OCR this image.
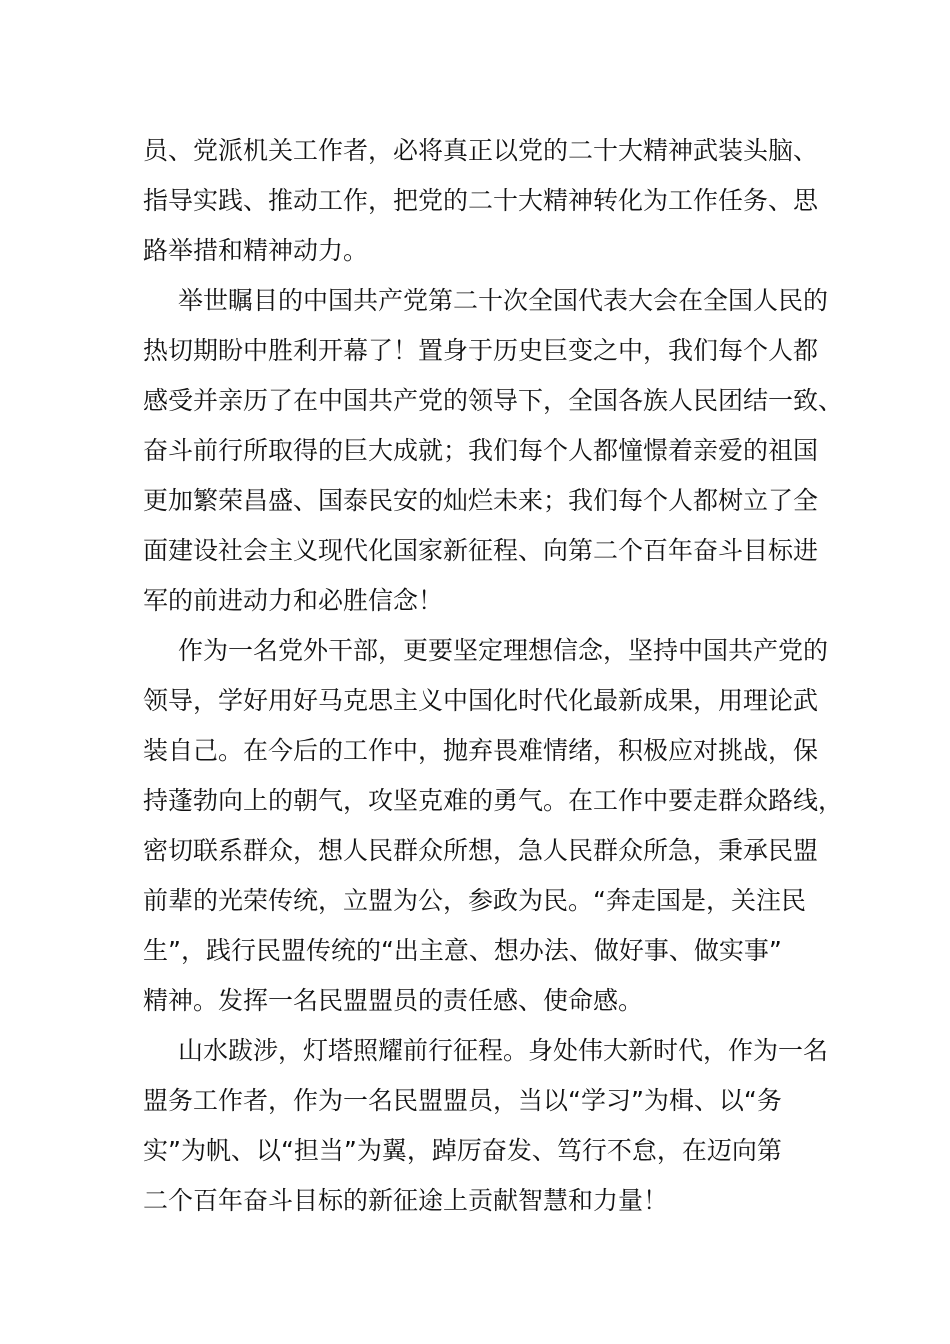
员、党派机关工作者，必将真正以党的二十大精神武装头脑、
指导实践、推动工作，把党的二十大精神转化为工作任务、思
路举措和精神动力。
举世瞩目的中国共产党第二十次全国代表大会在全国人民的
热切期盼中胜利开幕了！置身于历史巨变之中，我们每个人都
感受并亲历了在中国共产党的领导下，全国各族人民团结一致、
奋斗前行所取得的巨大成就；我们每个人都憧憬着亲爱的祖国
更加繁荣昌盛、国泰民安的灿烂未来；我们每个人都树立了全
面建设社会主义现代化国家新征程、向第二个百年奋斗目标进
军的前进动力和必胜信念！
作为一名党外干部，更要坚定理想信念，坚持中国共产党的
领导，学好用好马克思主义中国化时代化最新成果，用理论武
装自己。在今后的工作中，抛弃畏难情绪，积极应对挑战，保
持蓬勃向上的朝气，攻坚克难的勇气。在工作中要走群众路线，
密切联系群众，想人民群众所想，急人民群众所急，秉承民盟
前辈的光荣传统，立盟为公，参政为民。“奔走国是，关注民
生”，践行民盟传统的“出主意、想办法、做好事、做实事”
精神。发挥一名民盟盟员的责任感、使命感。
山水跋涉，灯塔照耀前行征程。身处伟大新时代，作为一名
盟务工作者，作为一名民盟盟员，当以“学习”为楫、以“务
实”为帆、以“担当”为翼，踔厉奋发、笃行不怠，在迈向第
二个百年奋斗目标的新征途上贡献智慧和力量！
